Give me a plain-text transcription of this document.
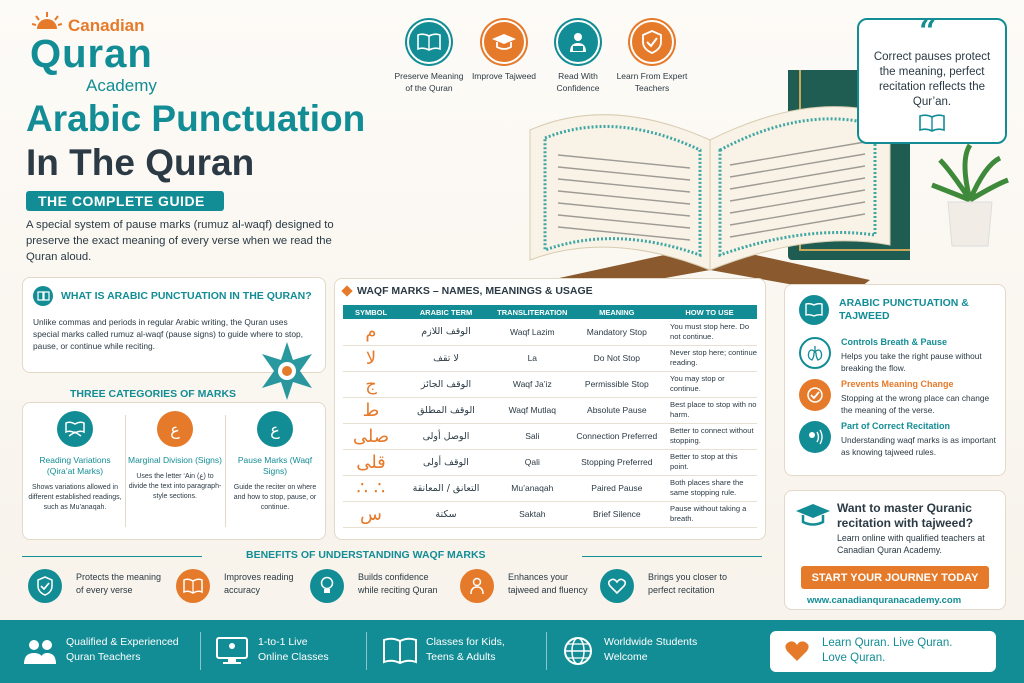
Canadian
Quran
Academy
Arabic Punctuation
In The Quran
THE COMPLETE GUIDE
A special system of pause marks (rumuz al-waqf) designed to preserve the exact meaning of every verse when we read the Quran aloud.
Preserve Meaning of the Quran
Improve Tajweed	Read With Confidence
Learn From Expert Teachers
“
Correct pauses protect the meaning, perfect recitation reflects the Qur’an.
WHAT IS ARABIC PUNCTUATION IN THE QURAN?

Unlike commas and periods in regular Arabic writing, the Quran uses special marks called rumuz al-waqf (pause signs) to guide where to stop, pause, or continue while reciting.

THREE CATEGORIES OF MARKS
Reading Variations (Qira’at Marks)
Shows variations allowed in different established readings, such as Mu’anaqah.
ع
Marginal Division (Signs)
Uses the letter ‘Ain (ع) to divide the text into paragraph-style sections.
ع
Pause Marks (Waqf Signs)
Guide the reciter on where and how to stop, pause, or continue.
WAQF MARKS – NAMES, MEANINGS & USAGE
SYMBOL	ARABIC TERM	TRANSLITERATION	MEANING	HOW TO USE
م	الوقف اللازم	Waqf Lazim	Mandatory Stop	You must stop here. Do not continue.
لا	لا تقف	La	Do Not Stop	Never stop here; continue reading.
ج	الوقف الجائز	Waqf Ja’iz	Permissible Stop	You may stop or continue.
ط	الوقف المطلق	Waqf Mutlaq	Absolute Pause	Best place to stop with no harm.
صلى	الوصل أولى	Sali	Connection Preferred	Better to connect without stopping.
قلى	الوقف أولى	Qali	Stopping Preferred	Better to stop at this point.
∴ ∴	التعانق / المعانقة	Mu’anaqah	Paired Pause	Both places share the same stopping rule.
س	سكتة	Saktah	Brief Silence	Pause without taking a breath.
ARABIC PUNCTUATION & TAJWEED
Controls Breath & Pause
Helps you take the right pause without breaking the flow.
Prevents Meaning Change
Stopping at the wrong place can change the meaning of the verse.
Part of Correct Recitation
Understanding waqf marks is as important as knowing tajweed rules.
Want to master Quranic recitation with tajweed?
Learn online with qualified teachers at Canadian Quran Academy.
START YOUR JOURNEY TODAY
www.canadianquranacademy.com
BENEFITS OF UNDERSTANDING WAQF MARKS
Protects the meaning of every verse
Improves reading accuracy
Builds confidence while reciting Quran
Enhances your tajweed and fluency
Brings you closer to perfect recitation
Qualified & Experienced
Quran Teachers
1-to-1 Live
Online Classes
Classes for Kids,
Teens & Adults
Worldwide Students
Welcome
Learn Quran. Live Quran.
Love Quran.
